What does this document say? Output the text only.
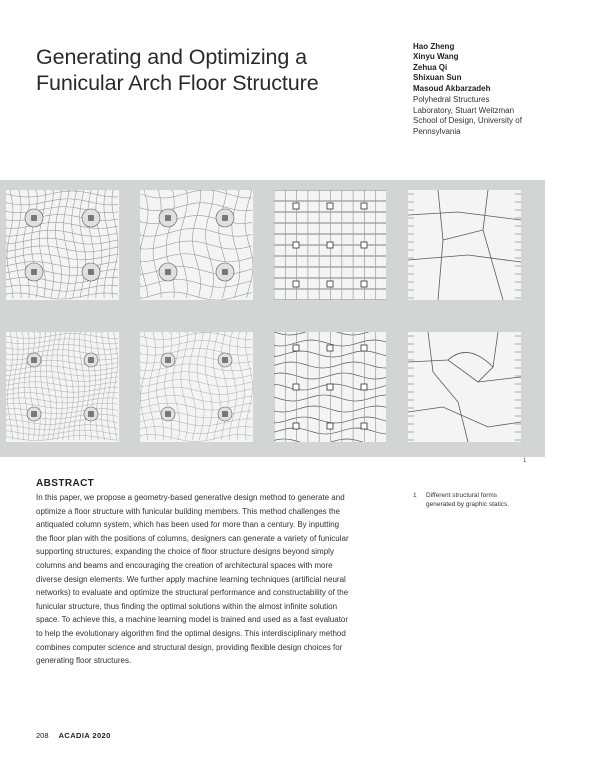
Generating and Optimizing a
Funicular Arch Floor Structure
Hao Zheng
Xinyu Wang
Zehua Qi
Shixuan Sun
Masoud Akbarzadeh
Polyhedral Structures
Laboratory, Stuart Weitzman
School of Design, University of
Pennsylvania
1
ABSTRACT
In this paper, we propose a geometry-based generative design method to generate and
optimize a floor structure with funicular building members. This method challenges the
antiquated column system, which has been used for more than a century. By inputting
the floor plan with the positions of columns, designers can generate a variety of funicular
supporting structures, expanding the choice of floor structure designs beyond simply
columns and beams and encouraging the creation of architectural spaces with more
diverse design elements. We further apply machine learning techniques (artificial neural
networks) to evaluate and optimize the structural performance and constructability of the
funicular structure, thus finding the optimal solutions within the almost infinite solution
space. To achieve this, a machine learning model is trained and used as a fast evaluator
to help the evolutionary algorithm find the optimal designs. This interdisciplinary method
combines computer science and structural design, providing flexible design choices for
generating floor structures.
1 Different structural forms
generated by graphic statics.
208 ACADIA 2020
